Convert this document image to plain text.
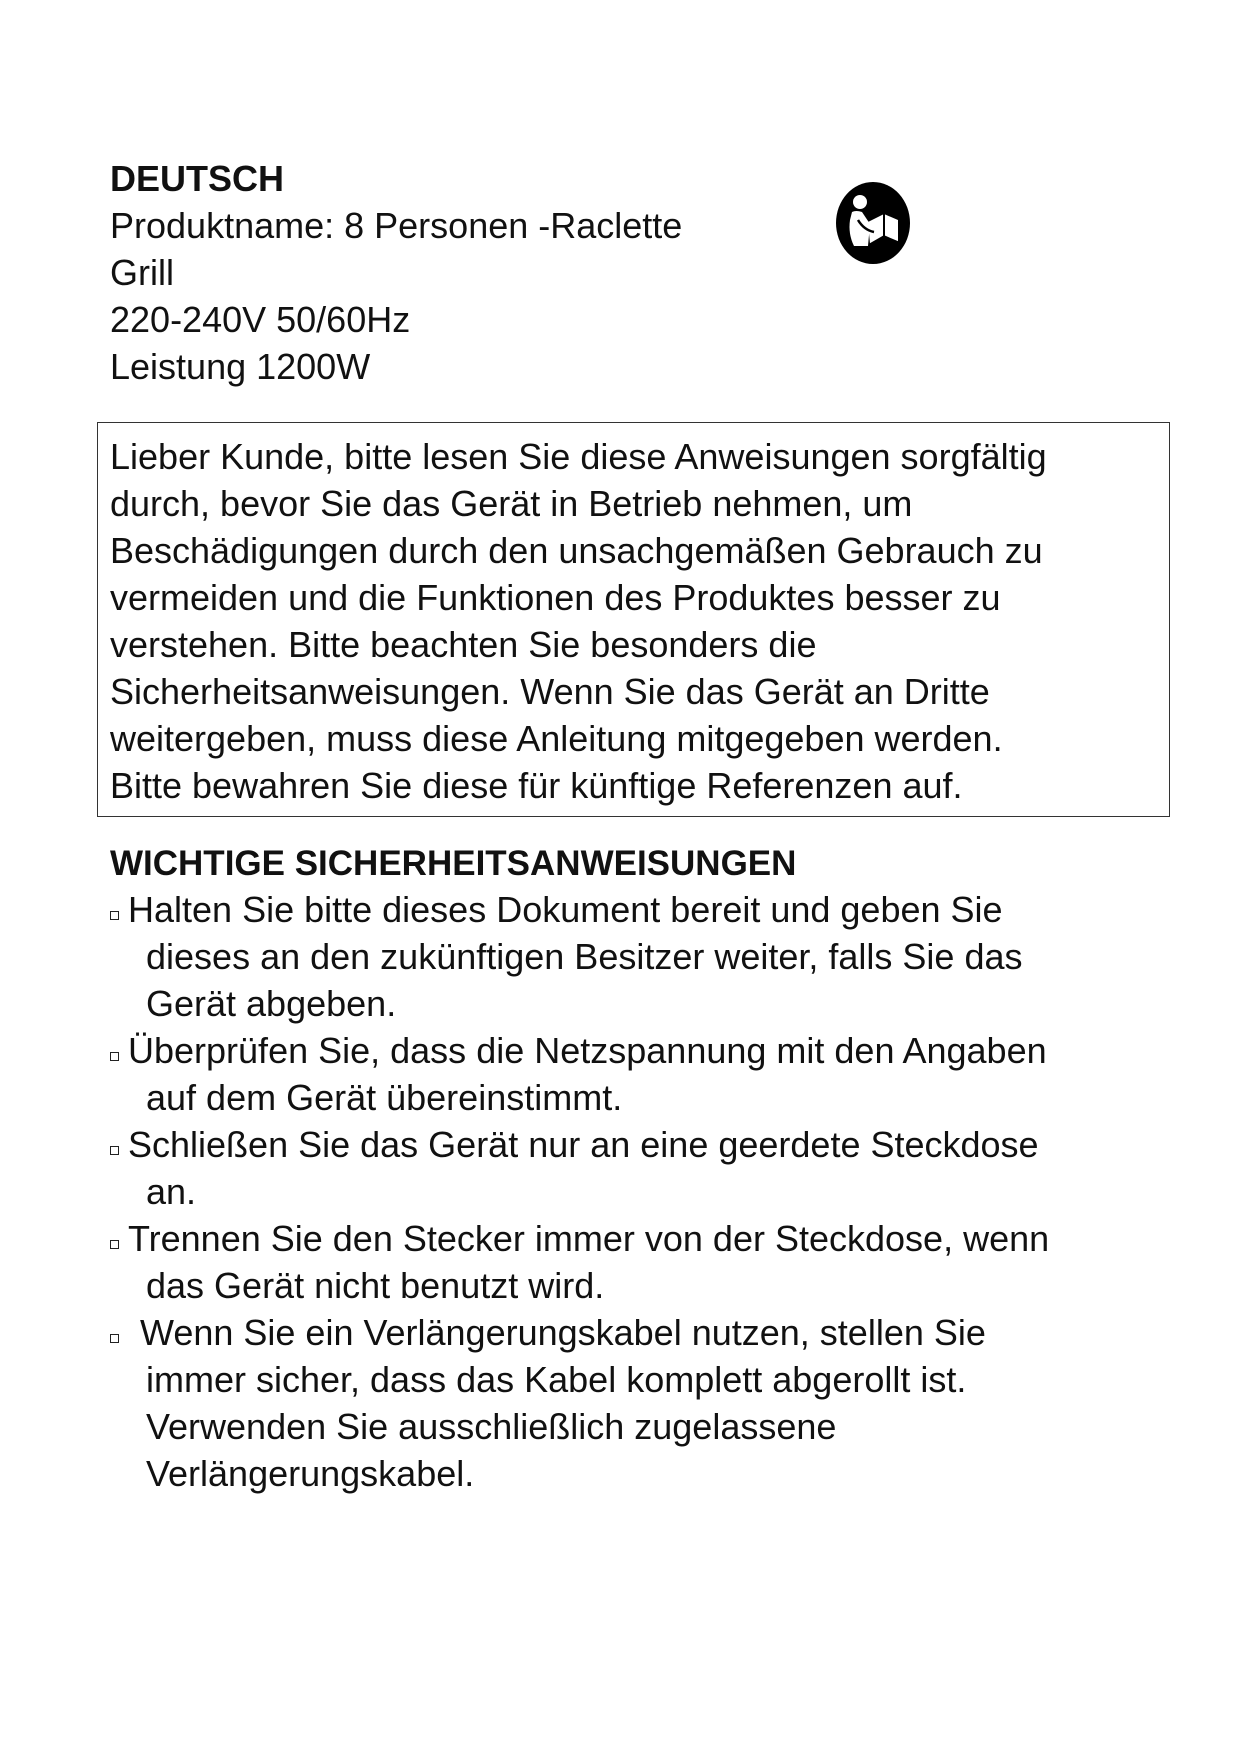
DEUTSCH

Produktname: 8 Personen -Raclette

Grill

220-240V 50/60Hz

Leistung 1200W

Lieber Kunde, bitte lesen Sie diese Anweisungen sorgfältig

durch, bevor Sie das Gerät in Betrieb nehmen, um

Beschädigungen durch den unsachgemäßen Gebrauch zu

vermeiden und die Funktionen des Produktes besser zu

verstehen. Bitte beachten Sie besonders die

Sicherheitsanweisungen. Wenn Sie das Gerät an Dritte

weitergeben, muss diese Anleitung mitgegeben werden.

Bitte bewahren Sie diese für künftige Referenzen auf.

WICHTIGE SICHERHEITSANWEISUNGEN
Halten Sie bitte dieses Dokument bereit und geben Sie
dieses an den zukünftigen Besitzer weiter, falls Sie das
Gerät abgeben.
Überprüfen Sie, dass die Netzspannung mit den Angaben
auf dem Gerät übereinstimmt.
Schließen Sie das Gerät nur an eine geerdete Steckdose
an.
Trennen Sie den Stecker immer von der Steckdose, wenn
das Gerät nicht benutzt wird.
Wenn Sie ein Verlängerungskabel nutzen, stellen Sie
immer sicher, dass das Kabel komplett abgerollt ist.
Verwenden Sie ausschließlich zugelassene
Verlängerungskabel.
